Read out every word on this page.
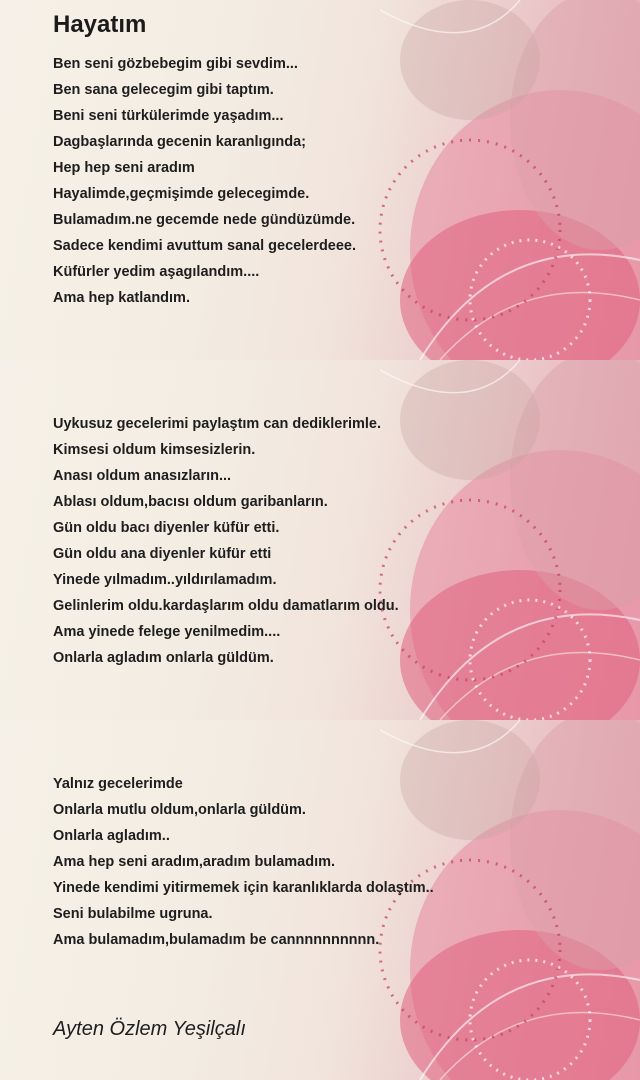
Hayatım
Ben seni gözbebegim gibi sevdim...
Ben sana gelecegim gibi taptım.
Beni seni türkülerimde yaşadım...
Dagbaşlarında gecenin karanlıgında;
Hep hep seni aradım
Hayalimde,geçmişimde gelecegimde.
Bulamadım.ne gecemde nede gündüzümde.
Sadece kendimi avuttum sanal gecelerdeee.
Küfürler yedim aşagılandım....
Ama hep katlandım.
Uykusuz gecelerimi paylaştım can dediklerimle.
Kimsesi oldum kimsesizlerin.
Anası oldum anasızların...
Ablası oldum,bacısı oldum garibanların.
Gün oldu bacı diyenler küfür etti.
Gün oldu ana diyenler küfür etti
Yinede yılmadım..yıldırılamadım.
Gelinlerim oldu.kardaşlarım oldu damatlarım oldu.
Ama yinede felege yenilmedim....
Onlarla agladım onlarla güldüm.
Yalnız gecelerimde
Onlarla mutlu oldum,onlarla güldüm.
Onlarla agladım..
Ama hep seni aradım,aradım bulamadım.
Yinede kendimi yitirmemek için karanlıklarda dolaştım..
Seni bulabilme ugruna.
Ama bulamadım,bulamadım be cannnnnnnnnn.
Ayten Özlem Yeşilçalı
